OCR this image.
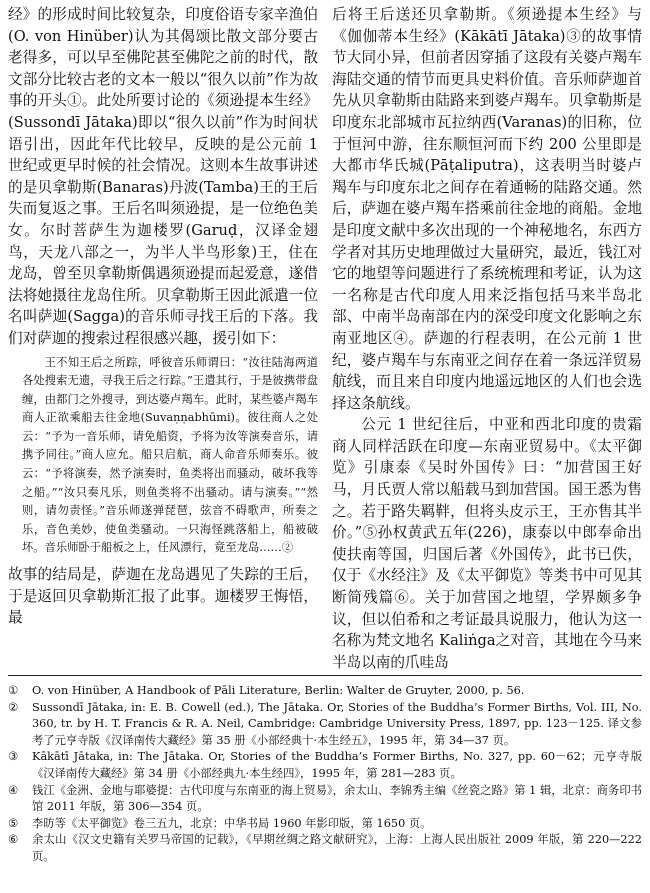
经》的形成时间比较复杂，印度俗语专家辛渔伯(O. von Hinüber)认为其偈颂比散文部分要古老得多，可以早至佛陀甚至佛陀之前的时代，散文部分比较古老的文本一般以“很久以前”作为故事的开头①。此处所要讨论的《须逊提本生经》(Sussondī Jātaka)即以“很久以前”作为时间状语引出，因此年代比较早，反映的是公元前 1 世纪或更早时候的社会情况。这则本生故事讲述的是贝拿勒斯(Banaras)丹波(Tamba)王的王后失而复返之事。王后名叫须逊提，是一位绝色美女。尔时菩萨生为迦楼罗(Garuḍ，汉译金翅鸟，天龙八部之一，为半人半鸟形象)王，住在龙岛，曾至贝拿勒斯偶遇须逊提而起爱意，遂借法将她摄往龙岛住所。贝拿勒斯王因此派遣一位名叫萨迦(Sagga)的音乐师寻找王后的下落。我们对萨迦的搜索过程很感兴趣，援引如下：

王不知王后之所踪，呼彼音乐师谓曰：“汝往陆海两道各处搜索无遗，寻我王后之行踪。”王遣其行，于是彼携带盘缠，由都门之外搜寻，到达婆卢羯车。此时，某些婆卢羯车商人正欲乘船去往金地(Suvaṇṇabhūmi)。彼往商人之处云：“予为一音乐师，请免船资，予将为汝等演奏音乐，请携予同往。”商人应允。船只启航，商人命音乐师奏乐。彼云：“予将演奏，然予演奏时，鱼类将出而骚动，破坏我等之船。”“汝只奏凡乐，则鱼类将不出骚动。请与演奏。”“然则，请勿责怪。”音乐师遂弹琵琶，弦音不碍歌声，所奏之乐，音色美妙，使鱼类骚动。一只海怪跳落船上，船被破坏。音乐师卧于船板之上，任风漂行，竟至龙岛……②

故事的结局是，萨迦在龙岛遇见了失踪的王后，于是返回贝拿勒斯汇报了此事。迦楼罗王悔悟，最

后将王后送还贝拿勒斯。《须逊提本生经》与《伽伽蒂本生经》(Kākātī Jātaka)③的故事情节大同小异，但前者因穿插了这段有关婆卢羯车海陆交通的情节而更具史料价值。音乐师萨迦首先从贝拿勒斯由陆路来到婆卢羯车。贝拿勒斯是印度东北部城市瓦拉纳西(Varanas)的旧称，位于恒河中游，往东顺恒河而下约 200 公里即是大都市华氏城(Pāṭaliputra)，这表明当时婆卢羯车与印度东北之间存在着通畅的陆路交通。然后，萨迦在婆卢羯车搭乘前往金地的商船。金地是印度文献中多次出现的一个神秘地名，东西方学者对其历史地理做过大量研究，最近，钱江对它的地望等问题进行了系统梳理和考证，认为这一名称是古代印度人用来泛指包括马来半岛北部、中南半岛南部在内的深受印度文化影响之东南亚地区④。萨迦的行程表明，在公元前 1 世纪，婆卢羯车与东南亚之间存在着一条远洋贸易航线，而且来自印度内地遥远地区的人们也会选择这条航线。

公元 1 世纪往后，中亚和西北印度的贵霜商人同样活跃在印度—东南亚贸易中。《太平御览》引康泰《吴时外国传》曰：“加营国王好马，月氏贾人常以船载马到加营国。国王悉为售之。若于路失羁靽，但将头皮示王，王亦售其半价。”⑤孙权黄武五年(226)，康泰以中郎奉命出使扶南等国，归国后著《外国传》，此书已佚，仅于《水经注》及《太平御览》等类书中可见其断简残篇⑥。关于加营国之地望，学界颇多争议，但以伯希和之考证最具说服力，他认为这一名称为梵文地名 Kaliṅga之对音，其地在今马来半岛以南的爪哇岛

①	O. von Hinüber, A Handbook of Pāli Literature, Berlin: Walter de Gruyter, 2000, p. 56.
②	Sussondī Jātaka, in: E. B. Cowell (ed.), The Jātaka. Or, Stories of the Buddha’s Former Births, Vol. III, No. 360, tr. by H. T. Francis & R. A. Neil, Cambridge: Cambridge University Press, 1897, pp. 123－125. 译文参考了元亨寺版《汉译南传大藏经》第 35 册《小部经典十·本生经五》，1995 年，第 34—37 页。
③	Kākātī Jātaka, in: The Jātaka. Or, Stories of the Buddha’s Former Births, No. 327, pp. 60－62；元亨寺版《汉译南传大藏经》第 34 册《小部经典九·本生经四》，1995 年，第 281—283 页。
④	钱江《金洲、金地与耶婆提：古代印度与东南亚的海上贸易》，余太山、李锦秀主编《丝瓷之路》第 1 辑，北京：商务印书馆 2011 年版，第 306—354 页。
⑤	李昉等《太平御览》卷三五九，北京：中华书局 1960 年影印版，第 1650 页。
⑥	余太山《汉文史籍有关罗马帝国的记载》，《早期丝绸之路文献研究》，上海：上海人民出版社 2009 年版，第 220—222 页。
